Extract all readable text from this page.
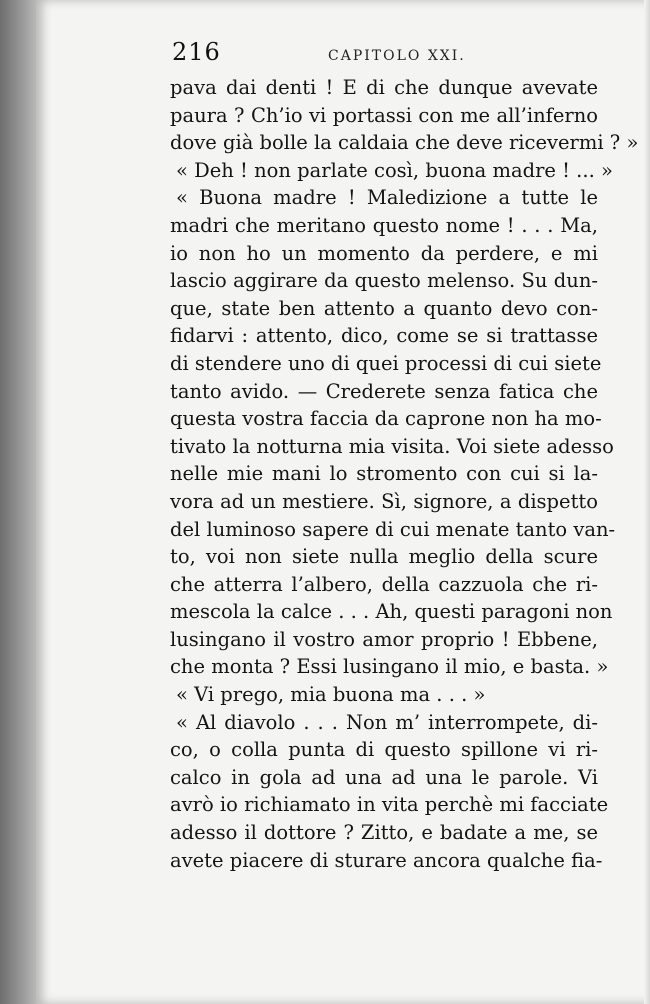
216	CAPITOLO XXI.
pava dai denti ! E di che dunque avevate
paura ? Ch’io vi portassi con me all’inferno
dove già bolle la caldaia che deve ricevermi ? »
« Deh ! non parlate così, buona madre ! ... »
« Buona madre ! Maledizione a tutte le
madri che meritano questo nome ! . . . Ma,
io non ho un momento da perdere, e mi
lascio aggirare da questo melenso. Su dun-
que, state ben attento a quanto devo con-
fidarvi : attento, dico, come se si trattasse
di stendere uno di quei processi di cui siete
tanto avido. — Crederete senza fatica che
questa vostra faccia da caprone non ha mo-
tivato la notturna mia visita. Voi siete adesso
nelle mie mani lo stromento con cui si la-
vora ad un mestiere. Sì, signore, a dispetto
del luminoso sapere di cui menate tanto van-
to, voi non siete nulla meglio della scure
che atterra l’albero, della cazzuola che ri-
mescola la calce . . . Ah, questi paragoni non
lusingano il vostro amor proprio ! Ebbene,
che monta ? Essi lusingano il mio, e basta. »
« Vi prego, mia buona ma . . . »
« Al diavolo . . . Non m’ interrompete, di-
co, o colla punta di questo spillone vi ri-
calco in gola ad una ad una le parole. Vi
avrò io richiamato in vita perchè mi facciate
adesso il dottore ? Zitto, e badate a me, se
avete piacere di sturare ancora qualche fia-
